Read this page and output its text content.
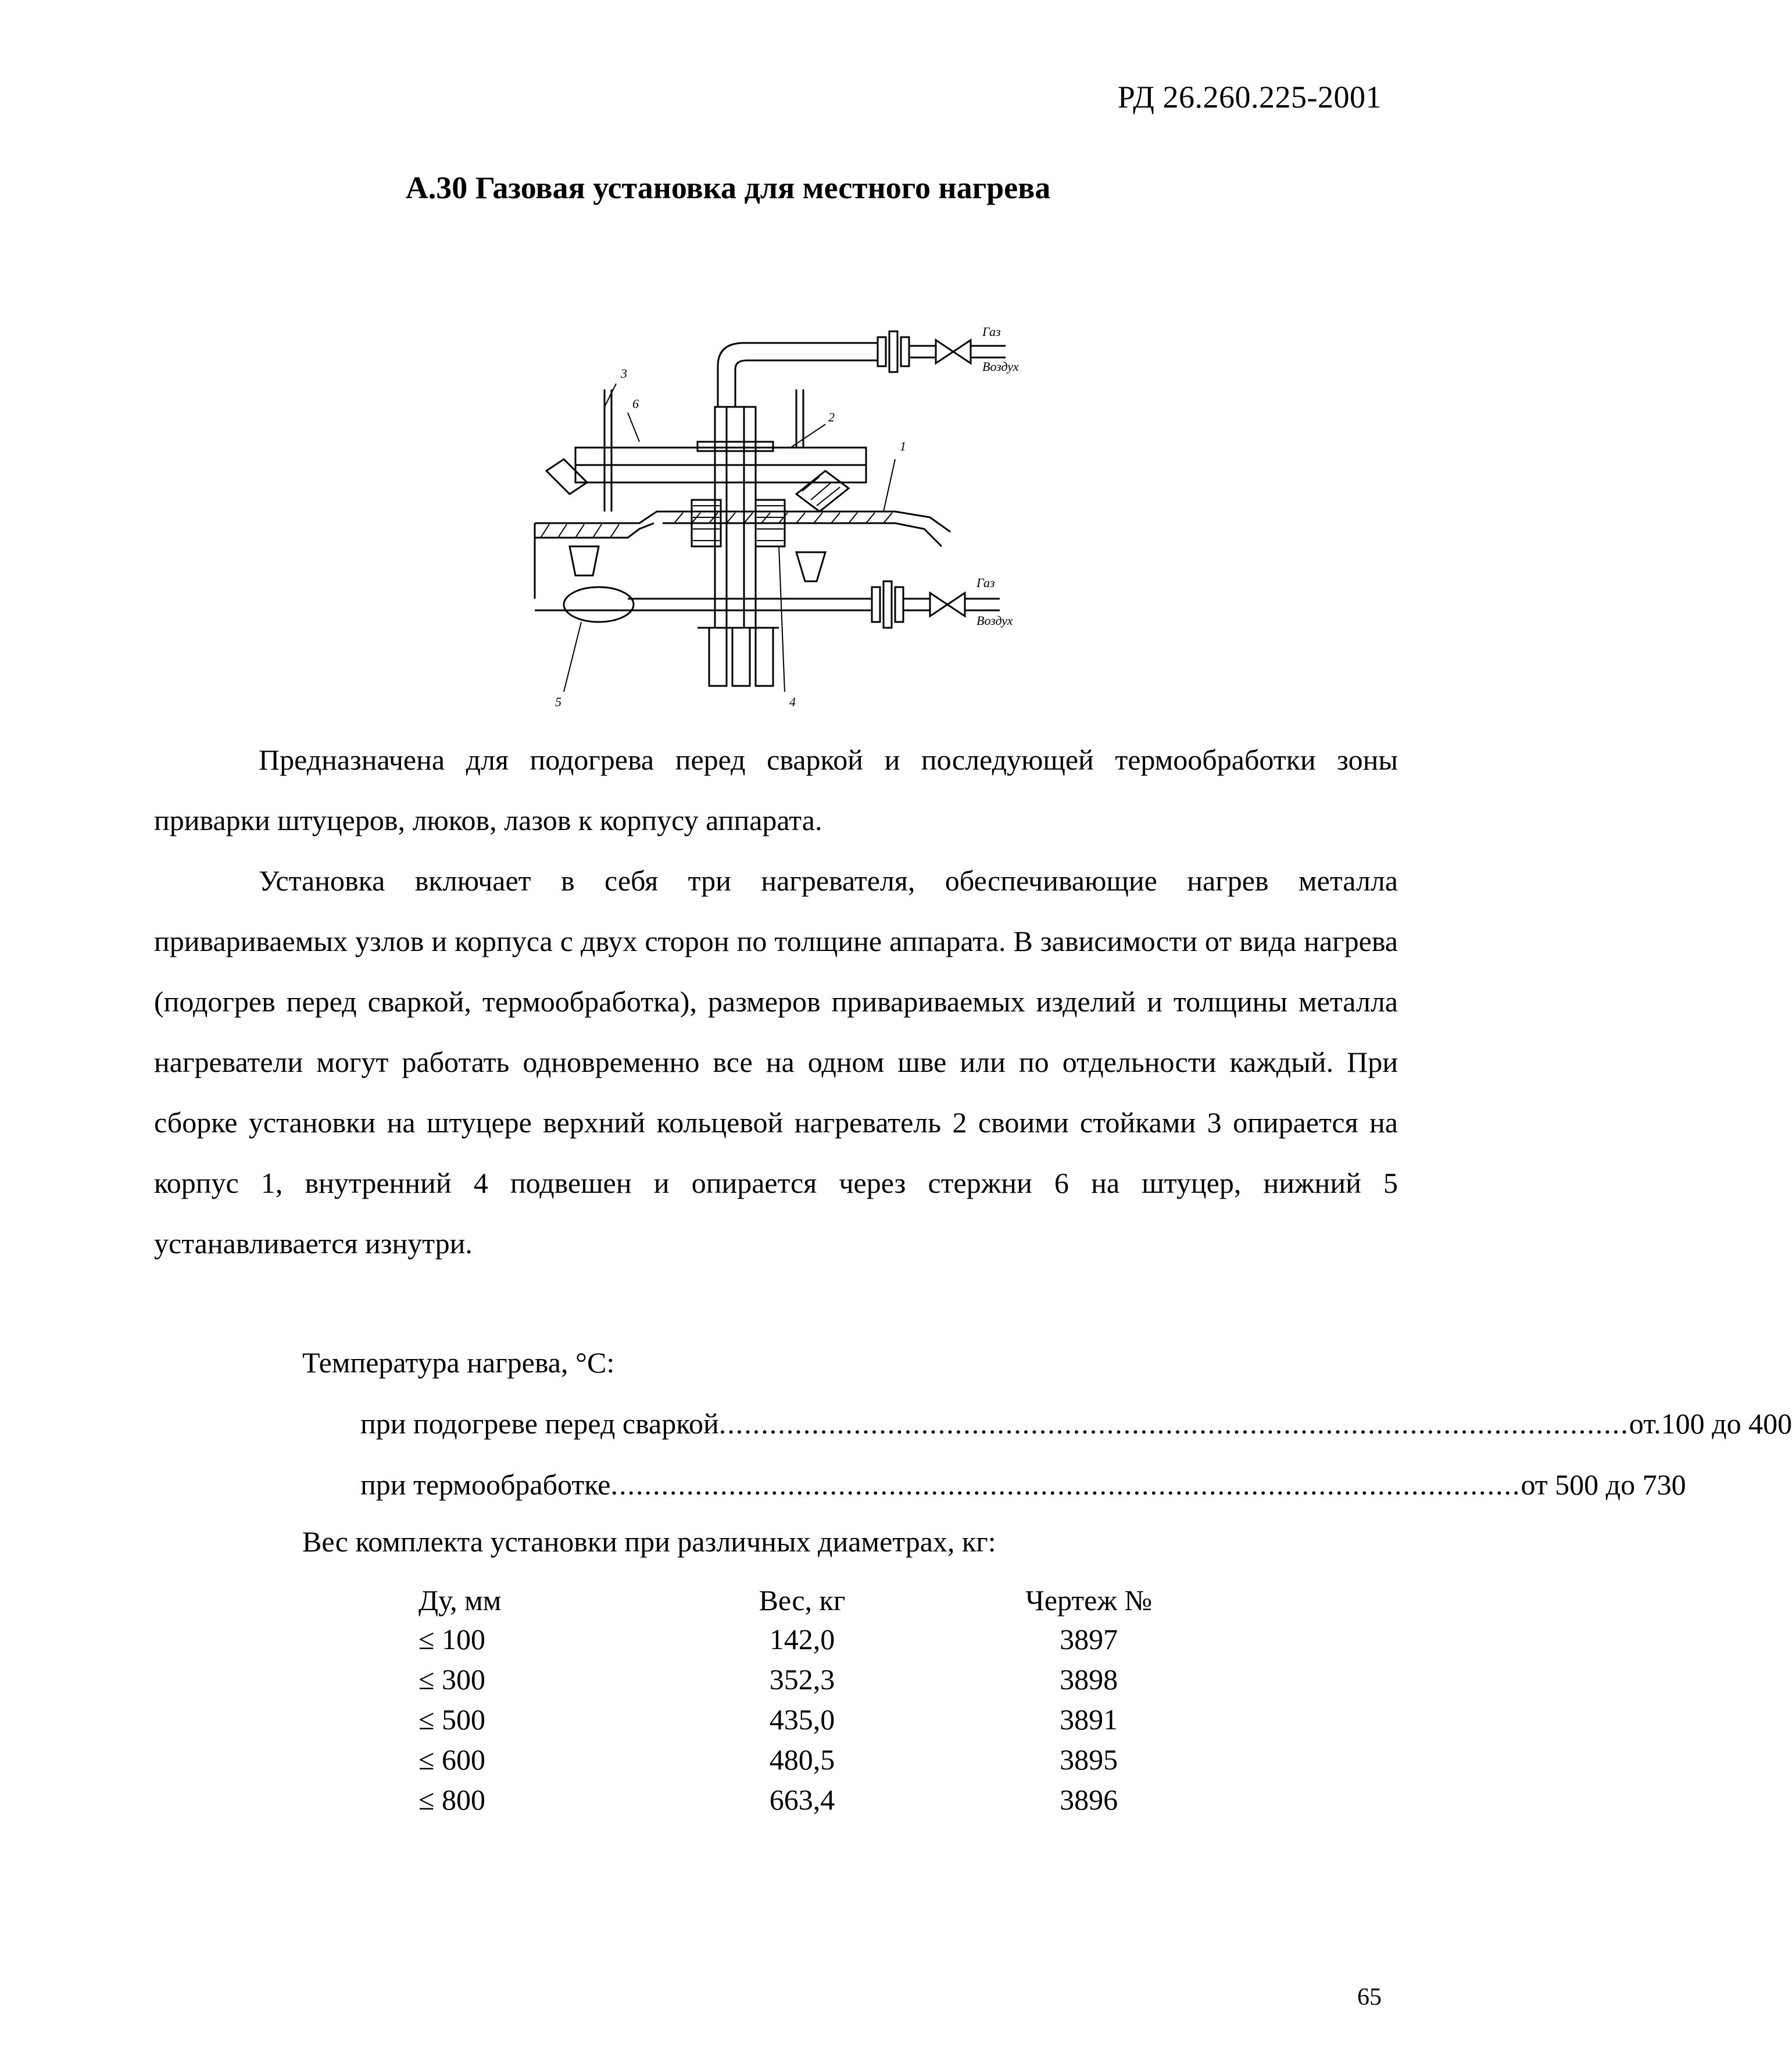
РД 26.260.225-2001
А.30 Газовая установка для местного нагрева
Газ
Воздух
Газ
Воздух
1
2
3
4
5
6

Предназначена для подогрева перед сваркой и последующей термообработки зоны приварки штуцеров, люков, лазов к корпусу аппарата.

Установка включает в себя три нагревателя, обеспечивающие нагрев металла привариваемых узлов и корпуса с двух сторон по толщине аппарата. В зависимости от вида нагрева (подогрев перед сваркой, термообработка), размеров привариваемых изделий и толщины металла нагреватели могут работать одновременно все на одном шве или по отдельности каждый. При сборке установки на штуцере верхний кольцевой нагреватель 2 своими стойками 3 опирается на корпус 1, внутренний 4 подвешен и опирается через стержни 6 на штуцер, нижний 5 устанавливается изнутри.

Температура нагрева, °С:
при подогреве перед сваркой ............................................................................................................ от.100 до 400
при термообработке ............................................................................................................ от 500 до 730
Вес комплекта установки при различных диаметрах, кг:
Ду, мм	Вес, кг	Чертеж №
≤ 100	142,0	3897
≤ 300	352,3	3898
≤ 500	435,0	3891
≤ 600	480,5	3895
≤ 800	663,4	3896
65
